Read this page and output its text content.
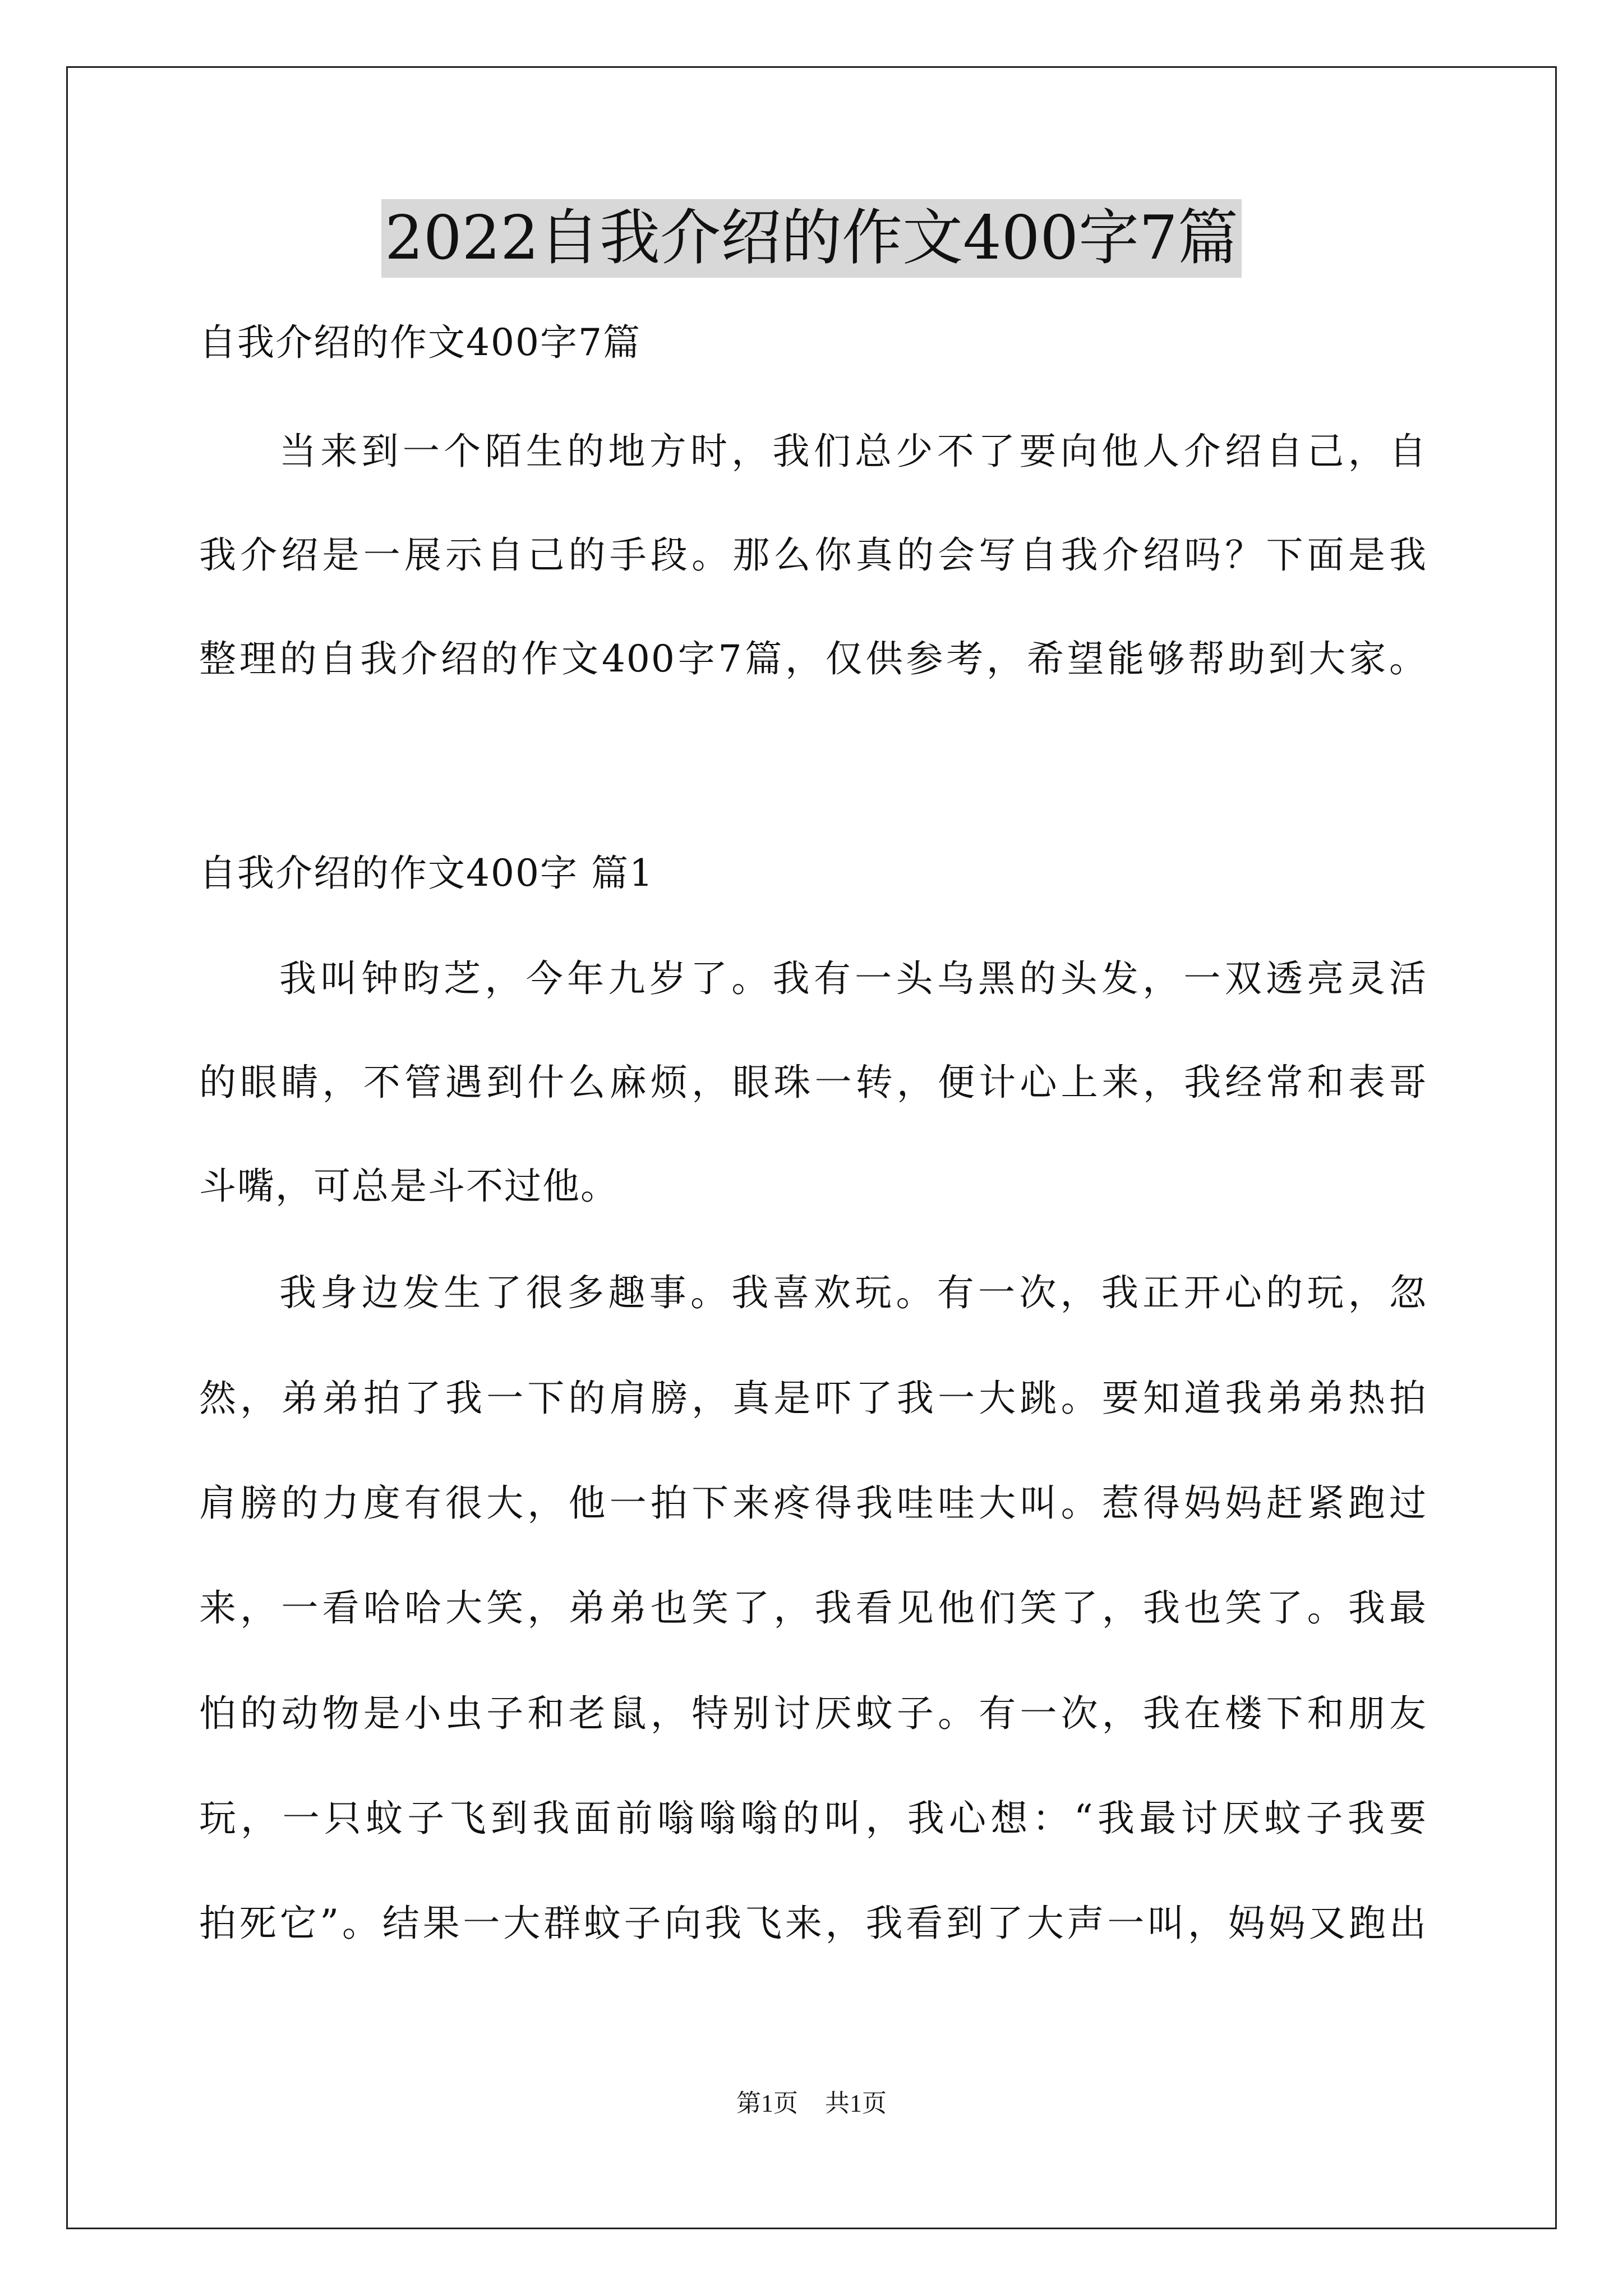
2022自我介绍的作文400字7篇
自我介绍的作文400字7篇
当来到一个陌生的地方时，我们总少不了要向他人介绍自己，自
我介绍是一展示自己的手段。那么你真的会写自我介绍吗？下面是我
整理的自我介绍的作文400字7篇，仅供参考，希望能够帮助到大家。
自我介绍的作文400字 篇1
我叫钟昀芝，今年九岁了。我有一头乌黑的头发，一双透亮灵活
的眼睛，不管遇到什么麻烦，眼珠一转，便计心上来，我经常和表哥
斗嘴，可总是斗不过他。
我身边发生了很多趣事。我喜欢玩。有一次，我正开心的玩，忽
然，弟弟拍了我一下的肩膀，真是吓了我一大跳。要知道我弟弟热拍
肩膀的力度有很大，他一拍下来疼得我哇哇大叫。惹得妈妈赶紧跑过
来，一看哈哈大笑，弟弟也笑了，我看见他们笑了，我也笑了。我最
怕的动物是小虫子和老鼠，特别讨厌蚊子。有一次，我在楼下和朋友
玩，一只蚊子飞到我面前嗡嗡嗡的叫，我心想：“我最讨厌蚊子我要
拍死它”。结果一大群蚊子向我飞来，我看到了大声一叫，妈妈又跑出
第1页 共1页
